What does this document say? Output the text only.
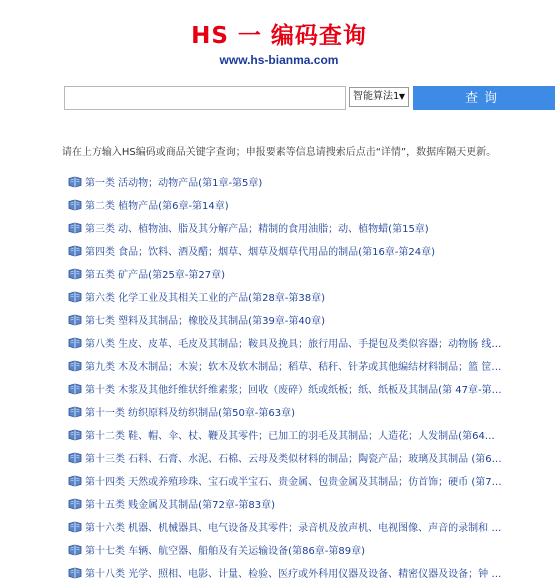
HS 一 编码查询
www.hs-bianma.com
智能算法1 ▼	查询
请在上方输入HS编码或商品关键字查询；申报要素等信息请搜索后点击“详情”，数据库隔天更新。
第一类 活动物；动物产品(第1章-第5章)
第二类 植物产品(第6章-第14章)
第三类 动、植物油、脂及其分解产品；精制的食用油脂；动、植物蜡(第15章)
第四类 食品；饮料、酒及醋；烟草、烟草及烟草代用品的制品(第16章-第24章)
第五类 矿产品(第25章-第27章)
第六类 化学工业及其相关工业的产品(第28章-第38章)
第七类 塑料及其制品；橡胶及其制品(第39章-第40章)
第八类 生皮、皮革、毛皮及其制品；鞍具及挽具；旅行用品、手提包及类似容器；动物肠 线…
第九类 木及木制品；木炭；软木及软木制品；稻草、秸秆、针茅或其他编结材料制品；篮 筐…
第十类 木浆及其他纤维状纤维素浆；回收（废碎）纸或纸板；纸、纸板及其制品(第 47章-第…
第十一类 纺织原料及纺织制品(第50章-第63章)
第十二类 鞋、帽、伞、杖、鞭及其零件；已加工的羽毛及其制品；人造花；人发制品(第64…
第十三类 石料、石膏、水泥、石棉、云母及类似材料的制品；陶瓷产品；玻璃及其制品 (第6…
第十四类 天然或养殖珍珠、宝石或半宝石、贵金属、包贵金属及其制品；仿首饰；硬币 (第7…
第十五类 贱金属及其制品(第72章-第83章)
第十六类 机器、机械器具、电气设备及其零件；录音机及放声机、电视图像、声音的录制和 …
第十七类 车辆、航空器、船舶及有关运输设备(第86章-第89章)
第十八类 光学、照相、电影、计量、检验、医疗或外科用仪器及设备、精密仪器及设备；钟 …
